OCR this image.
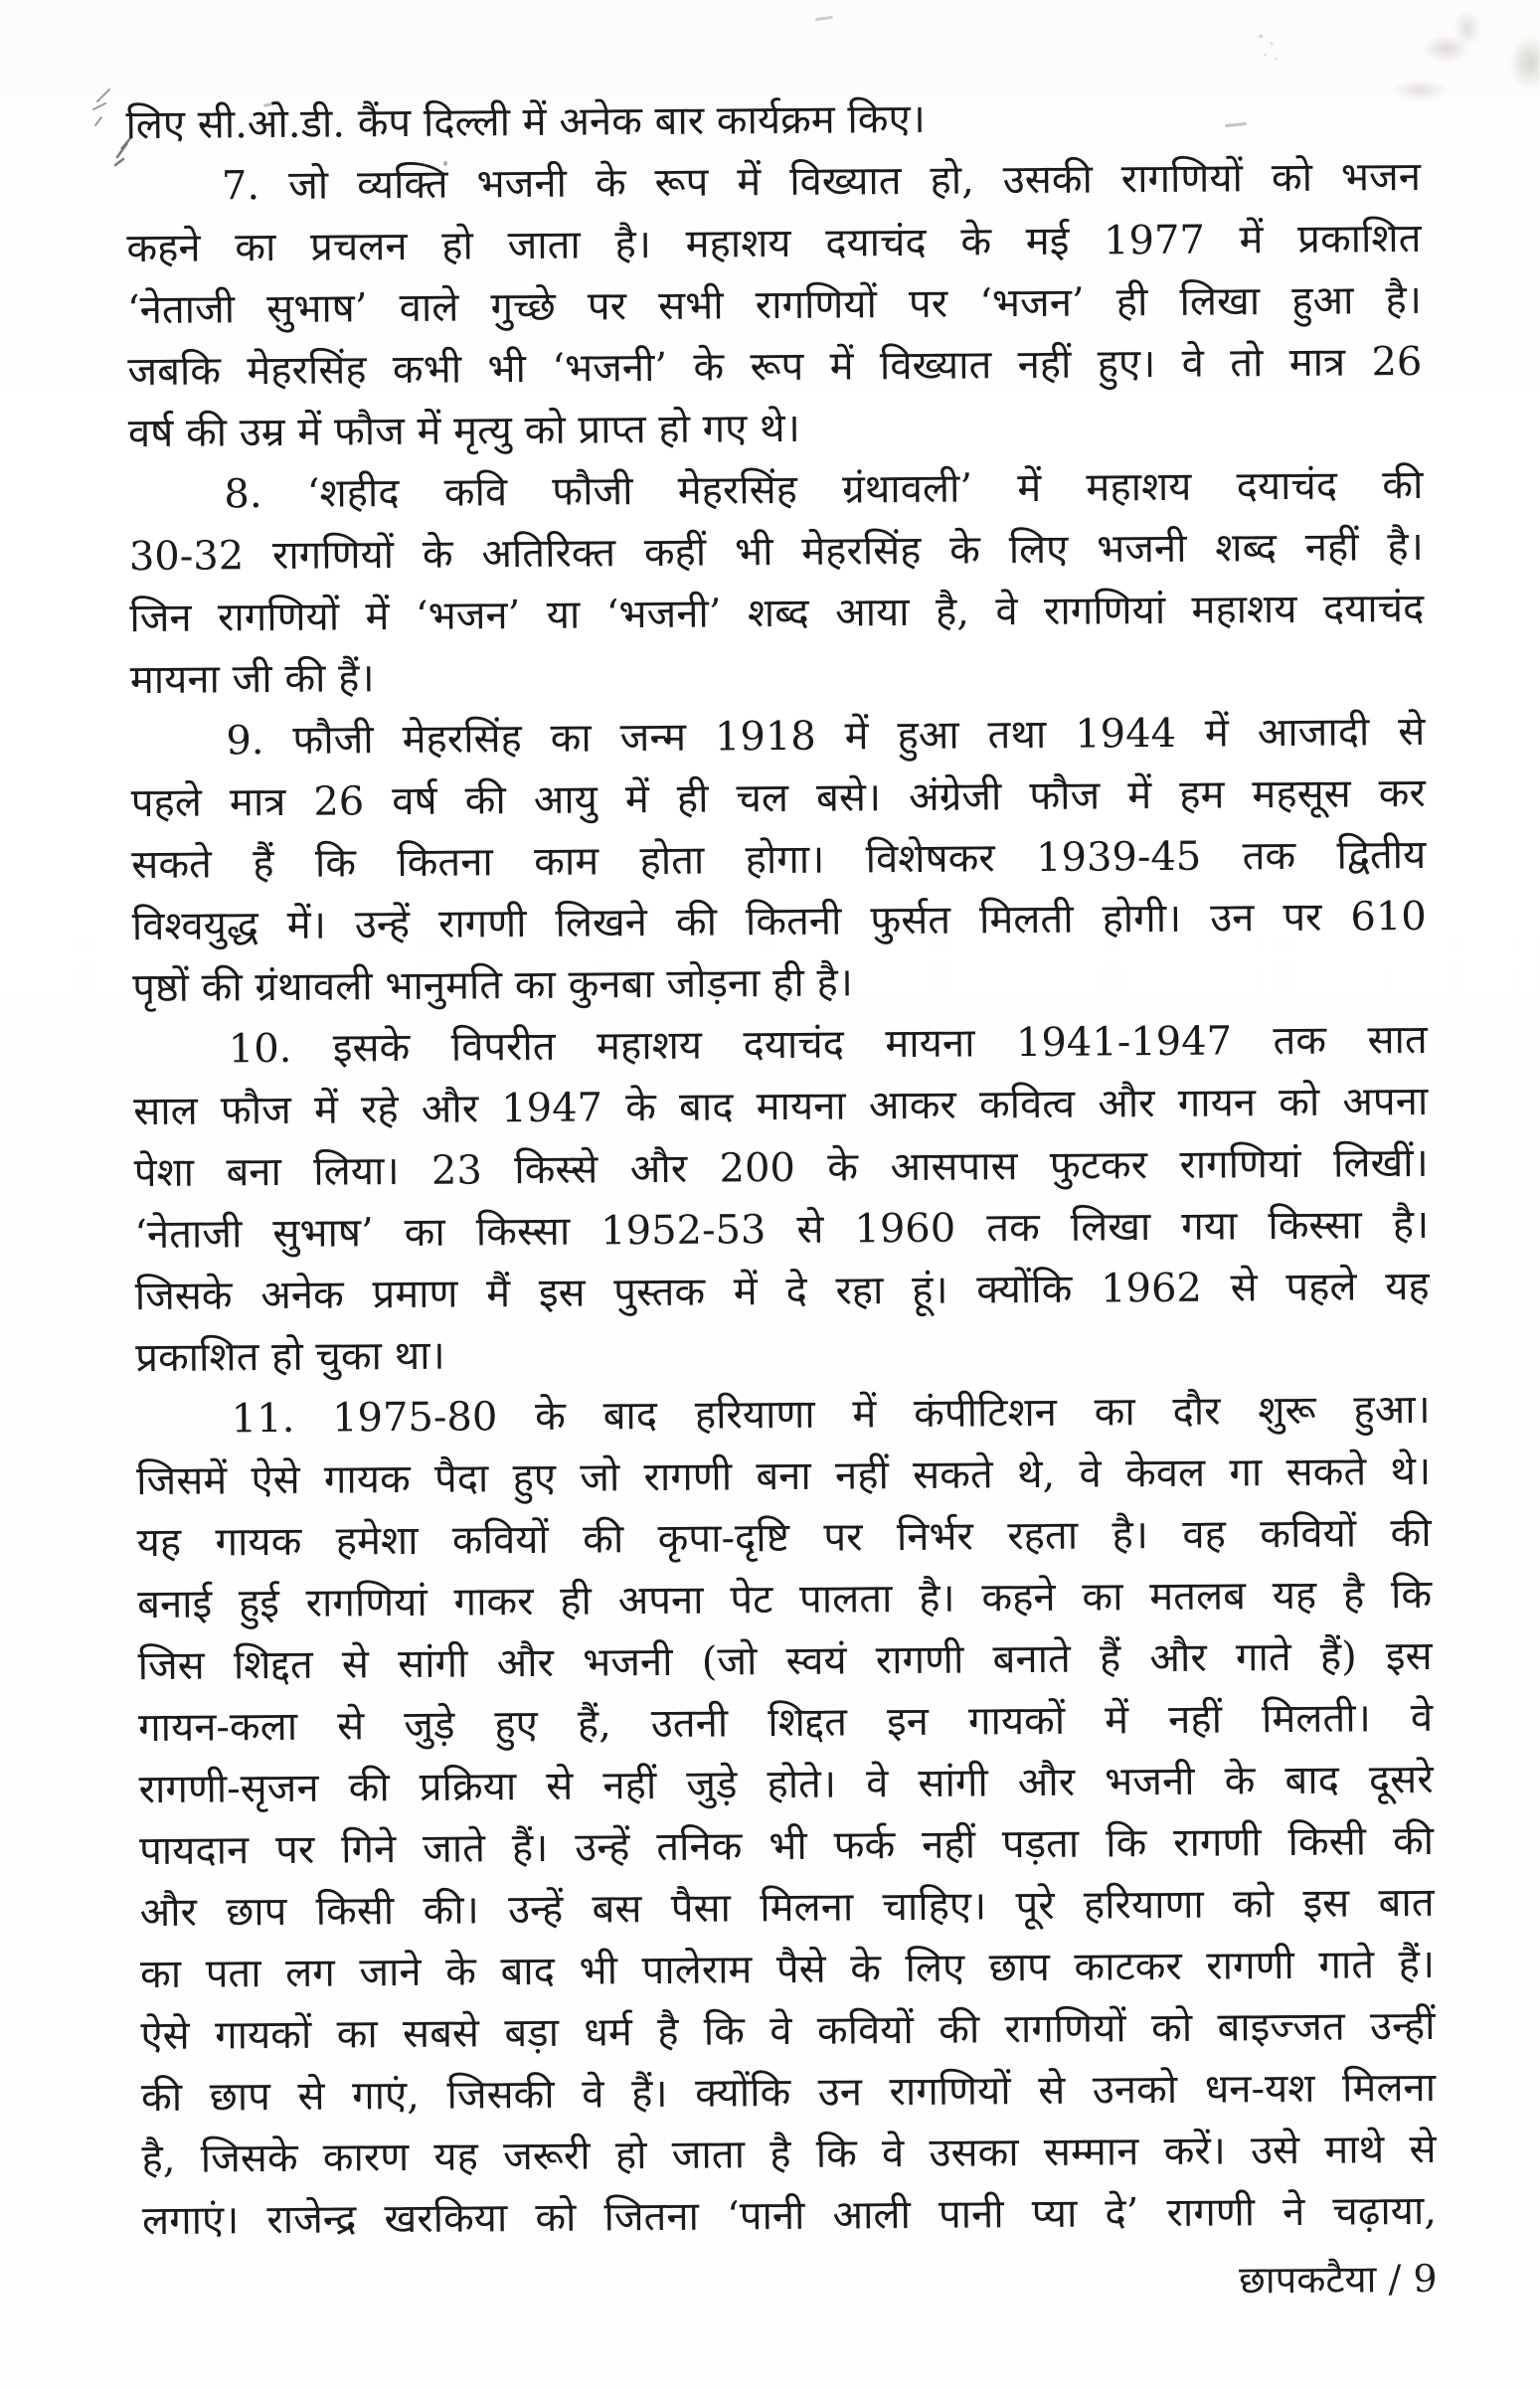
लिए सी.ओ.डी. कैंप दिल्ली में अनेक बार कार्यक्रम किए।
7. जो व्यक्ति भजनी के रूप में विख्यात हो, उसकी रागणियों को भजन
कहने का प्रचलन हो जाता है। महाशय दयाचंद के मई 1977 में प्रकाशित
‘नेताजी सुभाष’ वाले गुच्छे पर सभी रागणियों पर ‘भजन’ ही लिखा हुआ है।
जबकि मेहरसिंह कभी भी ‘भजनी’ के रूप में विख्यात नहीं हुए। वे तो मात्र 26
वर्ष की उम्र में फौज में मृत्यु को प्राप्त हो गए थे।
8. ‘शहीद कवि फौजी मेहरसिंह ग्रंथावली’ में महाशय दयाचंद की
30-32 रागणियों के अतिरिक्त कहीं भी मेहरसिंह के लिए भजनी शब्द नहीं है।
जिन रागणियों में ‘भजन’ या ‘भजनी’ शब्द आया है, वे रागणियां महाशय दयाचंद
मायना जी की हैं।
9. फौजी मेहरसिंह का जन्म 1918 में हुआ तथा 1944 में आजादी से
पहले मात्र 26 वर्ष की आयु में ही चल बसे। अंग्रेजी फौज में हम महसूस कर
सकते हैं कि कितना काम होता होगा। विशेषकर 1939-45 तक द्वितीय
विश्वयुद्ध में। उन्हें रागणी लिखने की कितनी फुर्सत मिलती होगी। उन पर 610
पृष्ठों की ग्रंथावली भानुमति का कुनबा जोड़ना ही है।
10. इसके विपरीत महाशय दयाचंद मायना 1941-1947 तक सात
साल फौज में रहे और 1947 के बाद मायना आकर कवित्व और गायन को अपना
पेशा बना लिया। 23 किस्से और 200 के आसपास फुटकर रागणियां लिखीं।
‘नेताजी सुभाष’ का किस्सा 1952-53 से 1960 तक लिखा गया किस्सा है।
जिसके अनेक प्रमाण मैं इस पुस्तक में दे रहा हूं। क्योंकि 1962 से पहले यह
प्रकाशित हो चुका था।
11. 1975-80 के बाद हरियाणा में कंपीटिशन का दौर शुरू हुआ।
जिसमें ऐसे गायक पैदा हुए जो रागणी बना नहीं सकते थे, वे केवल गा सकते थे।
यह गायक हमेशा कवियों की कृपा-दृष्टि पर निर्भर रहता है। वह कवियों की
बनाई हुई रागणियां गाकर ही अपना पेट पालता है। कहने का मतलब यह है कि
जिस शिद्दत से सांगी और भजनी (जो स्वयं रागणी बनाते हैं और गाते हैं) इस
गायन-कला से जुड़े हुए हैं, उतनी शिद्दत इन गायकों में नहीं मिलती। वे
रागणी-सृजन की प्रक्रिया से नहीं जुड़े होते। वे सांगी और भजनी के बाद दूसरे
पायदान पर गिने जाते हैं। उन्हें तनिक भी फर्क नहीं पड़ता कि रागणी किसी की
और छाप किसी की। उन्हें बस पैसा मिलना चाहिए। पूरे हरियाणा को इस बात
का पता लग जाने के बाद भी पालेराम पैसे के लिए छाप काटकर रागणी गाते हैं।
ऐसे गायकों का सबसे बड़ा धर्म है कि वे कवियों की रागणियों को बाइज्जत उन्हीं
की छाप से गाएं, जिसकी वे हैं। क्योंकि उन रागणियों से उनको धन-यश मिलना
है, जिसके कारण यह जरूरी हो जाता है कि वे उसका सम्मान करें। उसे माथे से
लगाएं। राजेन्द्र खरकिया को जितना ‘पानी आली पानी प्या दे’ रागणी ने चढ़ाया,
छापकटैया / 9
